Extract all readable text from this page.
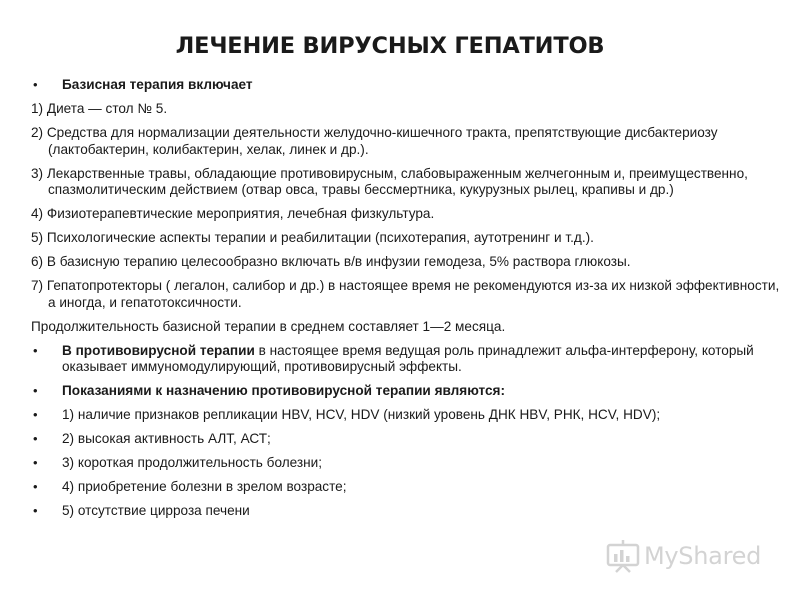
ЛЕЧЕНИЕ ВИРУСНЫХ ГЕПАТИТОВ

• Базисная терапия включает

1) Диета — стол № 5.

2) Средства для нормализации деятельности желудочно-кишечного тракта, препятствующие дисбактериозу (лактобактерин, колибактерин, хелак, линек и др.).

3) Лекарственные травы, обладающие противовирусным, слабовыраженным желчегонным и, преимущественно, спазмолитическим действием (отвар овса, травы бессмертника, кукурузных рылец, крапивы и др.)

4) Физиотерапевтические мероприятия, лечебная физкультура.

5) Психологические аспекты терапии и реабилитации (психотерапия, аутотренинг и т.д.).

6) В базисную терапию целесообразно включать в/в инфузии гемодеза, 5% раствора глюкозы.

7) Гепатопротекторы ( легалон, салибор и др.) в настоящее время не рекомендуются из-за их низкой эффективности, а иногда, и гепатотоксичности.

Продолжительность базисной терапии в среднем составляет 1—2 месяца.

• В противовирусной терапии в настоящее время ведущая роль принадлежит альфа-интерферону, который оказывает иммуномодулирующий, противовирусный эффекты.

• Показаниями к назначению противовирусной терапии являются:

• 1) наличие признаков репликации HBV, HCV, HDV (низкий уровень ДНК HBV, РНК, HCV, HDV);

• 2) высокая активность АЛТ, АСТ;

• 3) короткая продолжительность болезни;

• 4) приобретение болезни в зрелом возрасте;

• 5) отсутствие цирроза печени

MyShared
